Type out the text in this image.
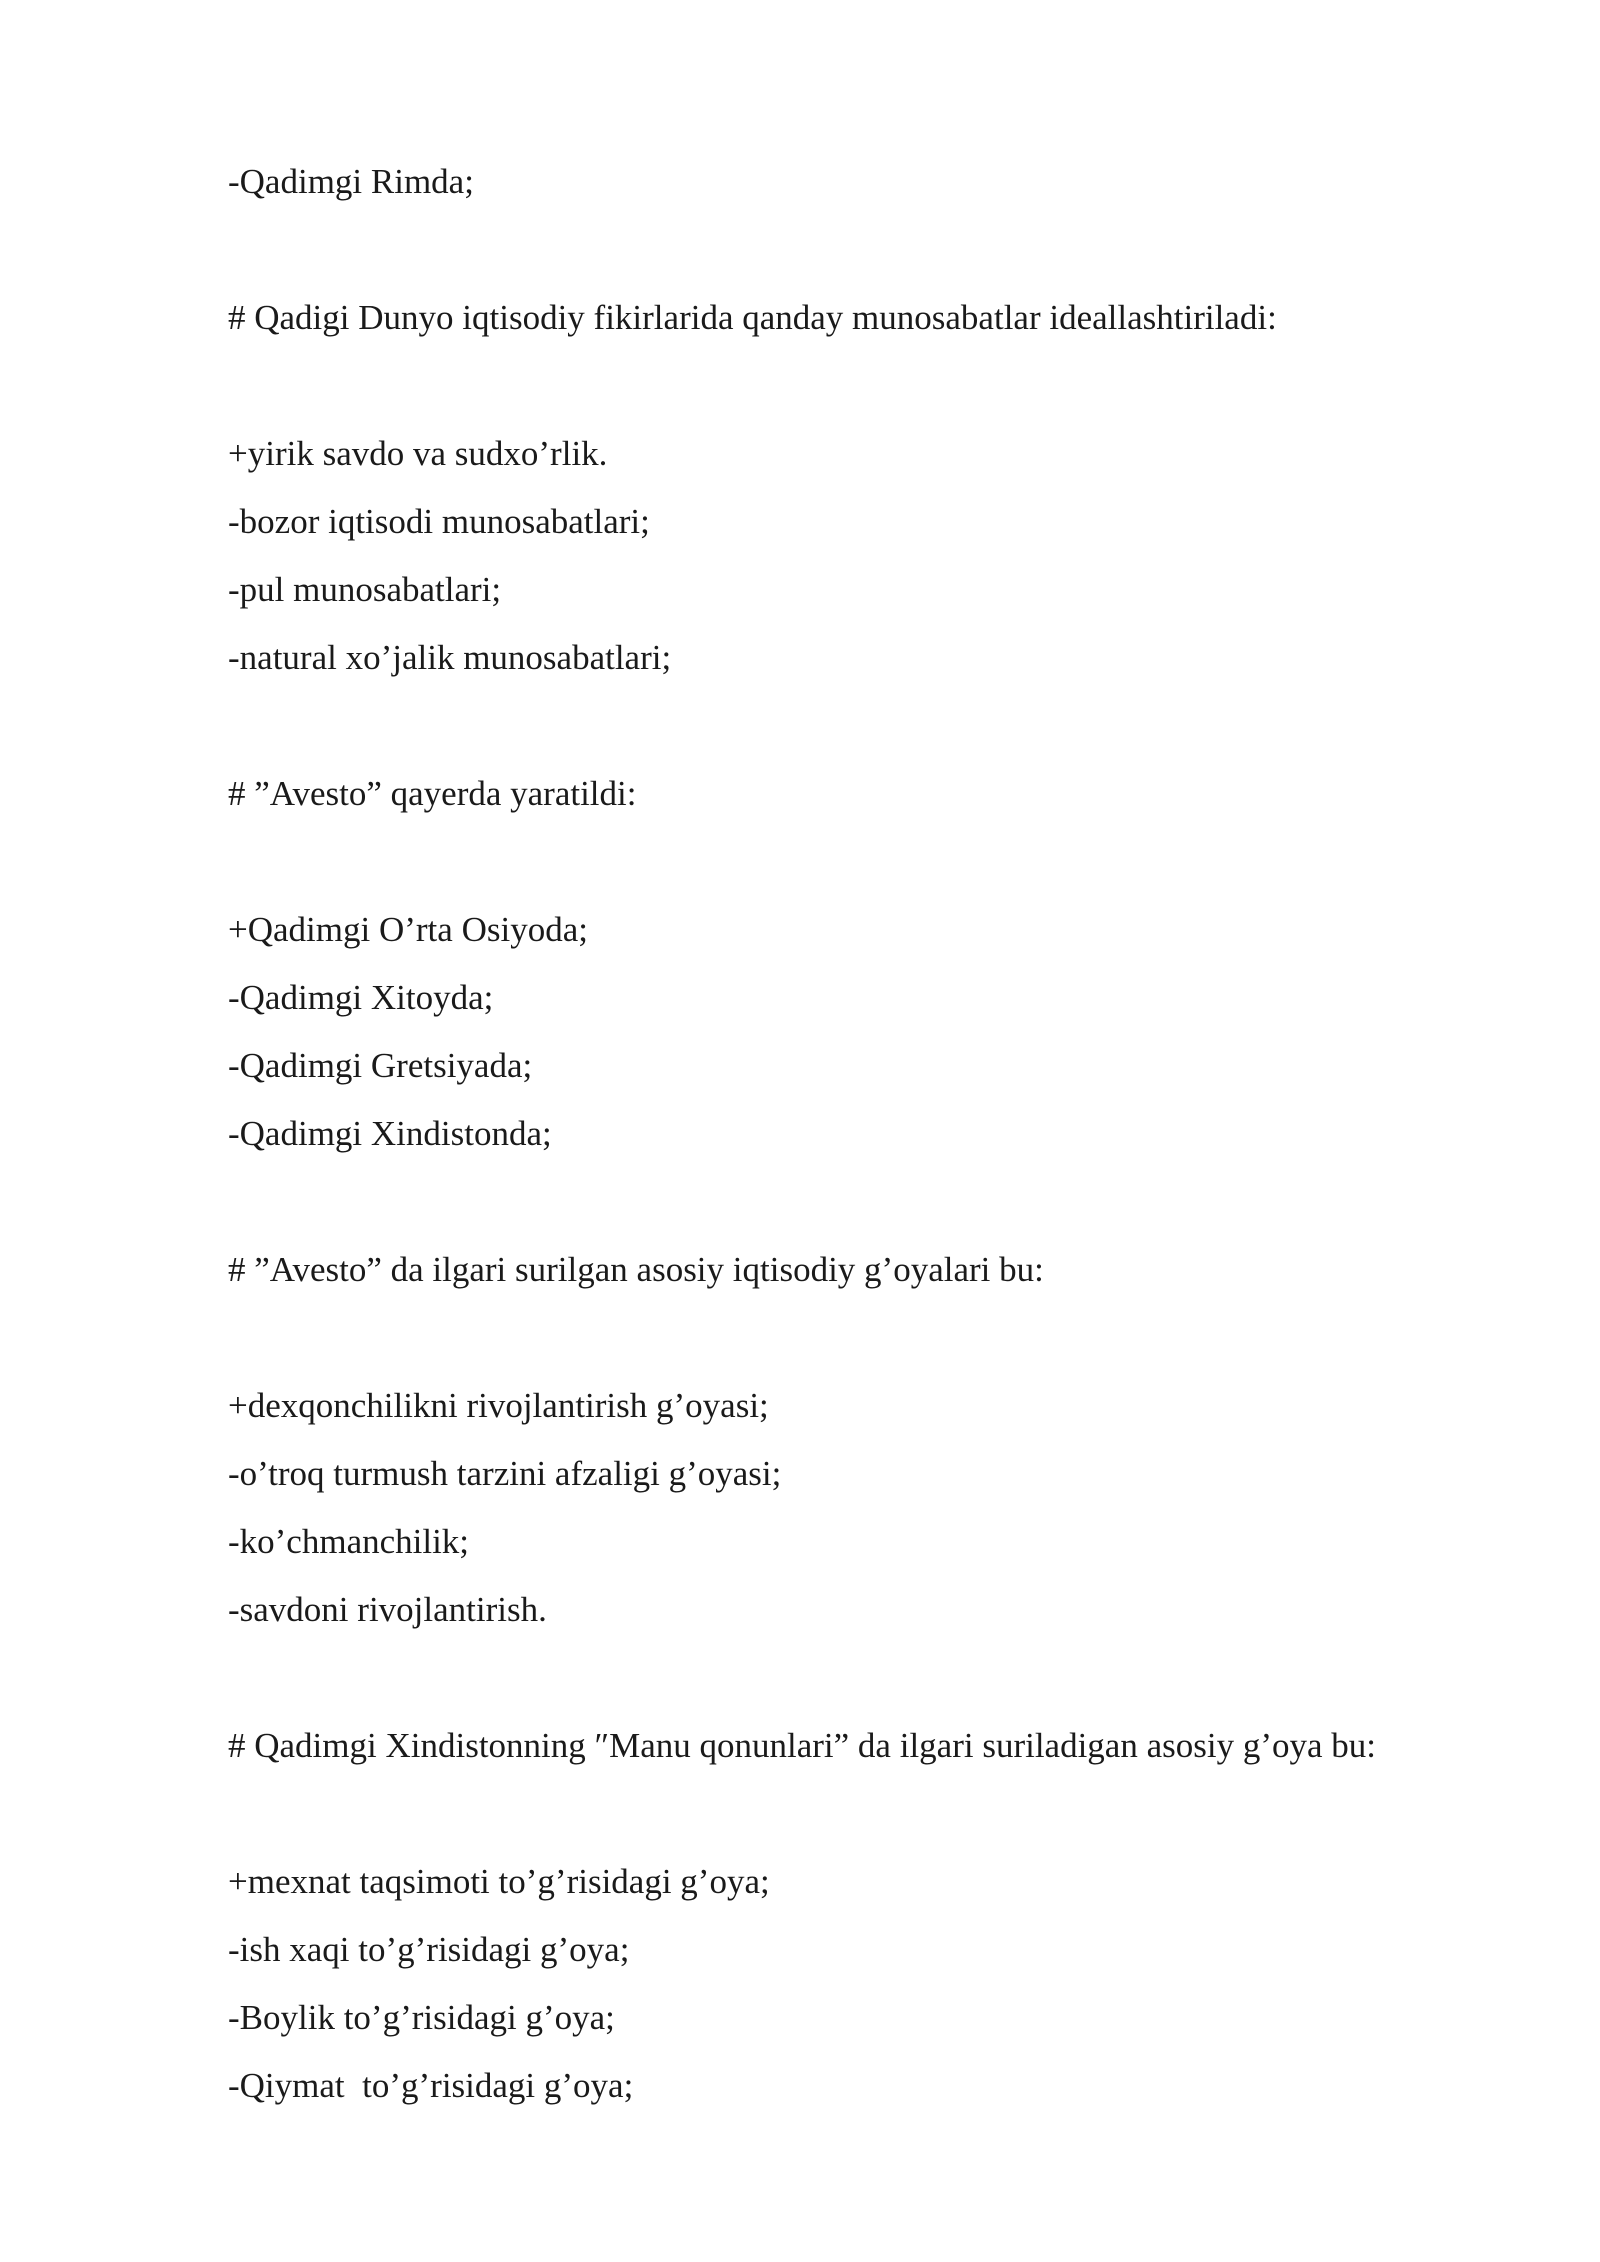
-Qadimgi Rimda;
# Qadigi Dunyo iqtisodiy fikirlarida qanday munosabatlar ideallashtiriladi:
+yirik savdo va sudxo’rlik.
-bozor iqtisodi munosabatlari;
-pul munosabatlari;
-natural xo’jalik munosabatlari;
# ”Avesto” qayerda yaratildi:
+Qadimgi O’rta Osiyoda;
-Qadimgi Xitoyda;
-Qadimgi Gretsiyada;
-Qadimgi Xindistonda;
# ”Avesto” da ilgari surilgan asosiy iqtisodiy g’oyalari bu:
+dexqonchilikni rivojlantirish g’oyasi;
-o’troq turmush tarzini afzaligi g’oyasi;
-ko’chmanchilik;
-savdoni rivojlantirish.
# Qadimgi Xindistonning ″Manu qonunlari” da ilgari suriladigan asosiy g’oya bu:
+mexnat taqsimoti to’g’risidagi g’oya;
-ish xaqi to’g’risidagi g’oya;
-Boylik to’g’risidagi g’oya;
-Qiymat  to’g’risidagi g’oya;
